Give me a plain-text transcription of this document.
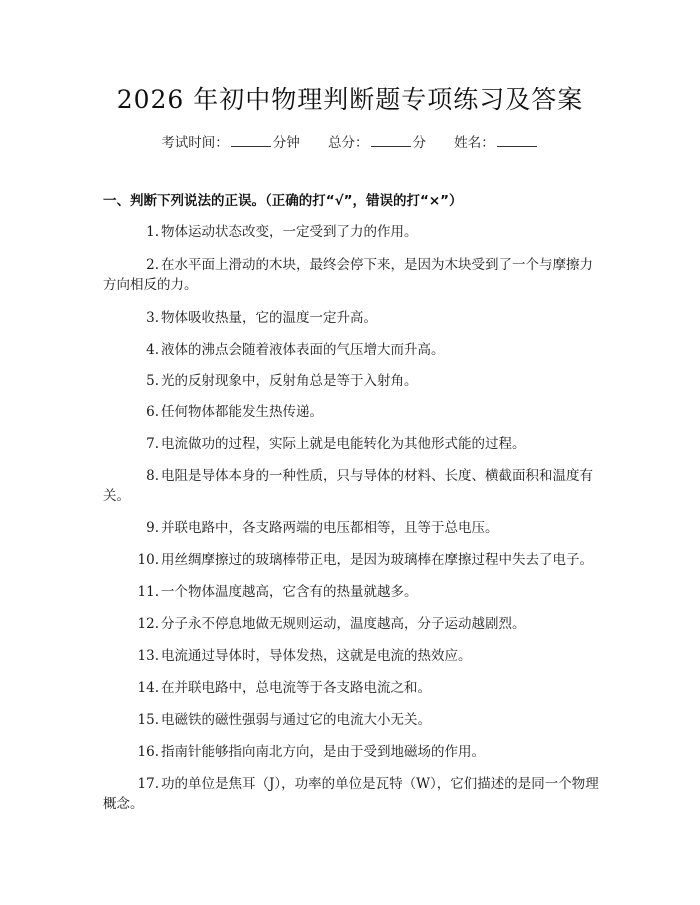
2026 年初中物理判断题专项练习及答案
考试时间：	分钟 总分：	分 姓名：
一、判断下列说法的正误。（正确的打“√”，错误的打“×”）
1. 物体运动状态改变，一定受到了力的作用。
2. 在水平面上滑动的木块，最终会停下来，是因为木块受到了一个与摩擦力方向相反的力。
3. 物体吸收热量，它的温度一定升高。
4. 液体的沸点会随着液体表面的气压增大而升高。
5. 光的反射现象中，反射角总是等于入射角。
6. 任何物体都能发生热传递。
7. 电流做功的过程，实际上就是电能转化为其他形式能的过程。
8. 电阻是导体本身的一种性质，只与导体的材料、长度、横截面积和温度有关。
9. 并联电路中，各支路两端的电压都相等，且等于总电压。
10. 用丝绸摩擦过的玻璃棒带正电，是因为玻璃棒在摩擦过程中失去了电子。
11. 一个物体温度越高，它含有的热量就越多。
12. 分子永不停息地做无规则运动，温度越高，分子运动越剧烈。
13. 电流通过导体时，导体发热，这就是电流的热效应。
14. 在并联电路中，总电流等于各支路电流之和。
15. 电磁铁的磁性强弱与通过它的电流大小无关。
16. 指南针能够指向南北方向，是由于受到地磁场的作用。
17. 功的单位是焦耳（J），功率的单位是瓦特（W），它们描述的是同一个物理概念。
